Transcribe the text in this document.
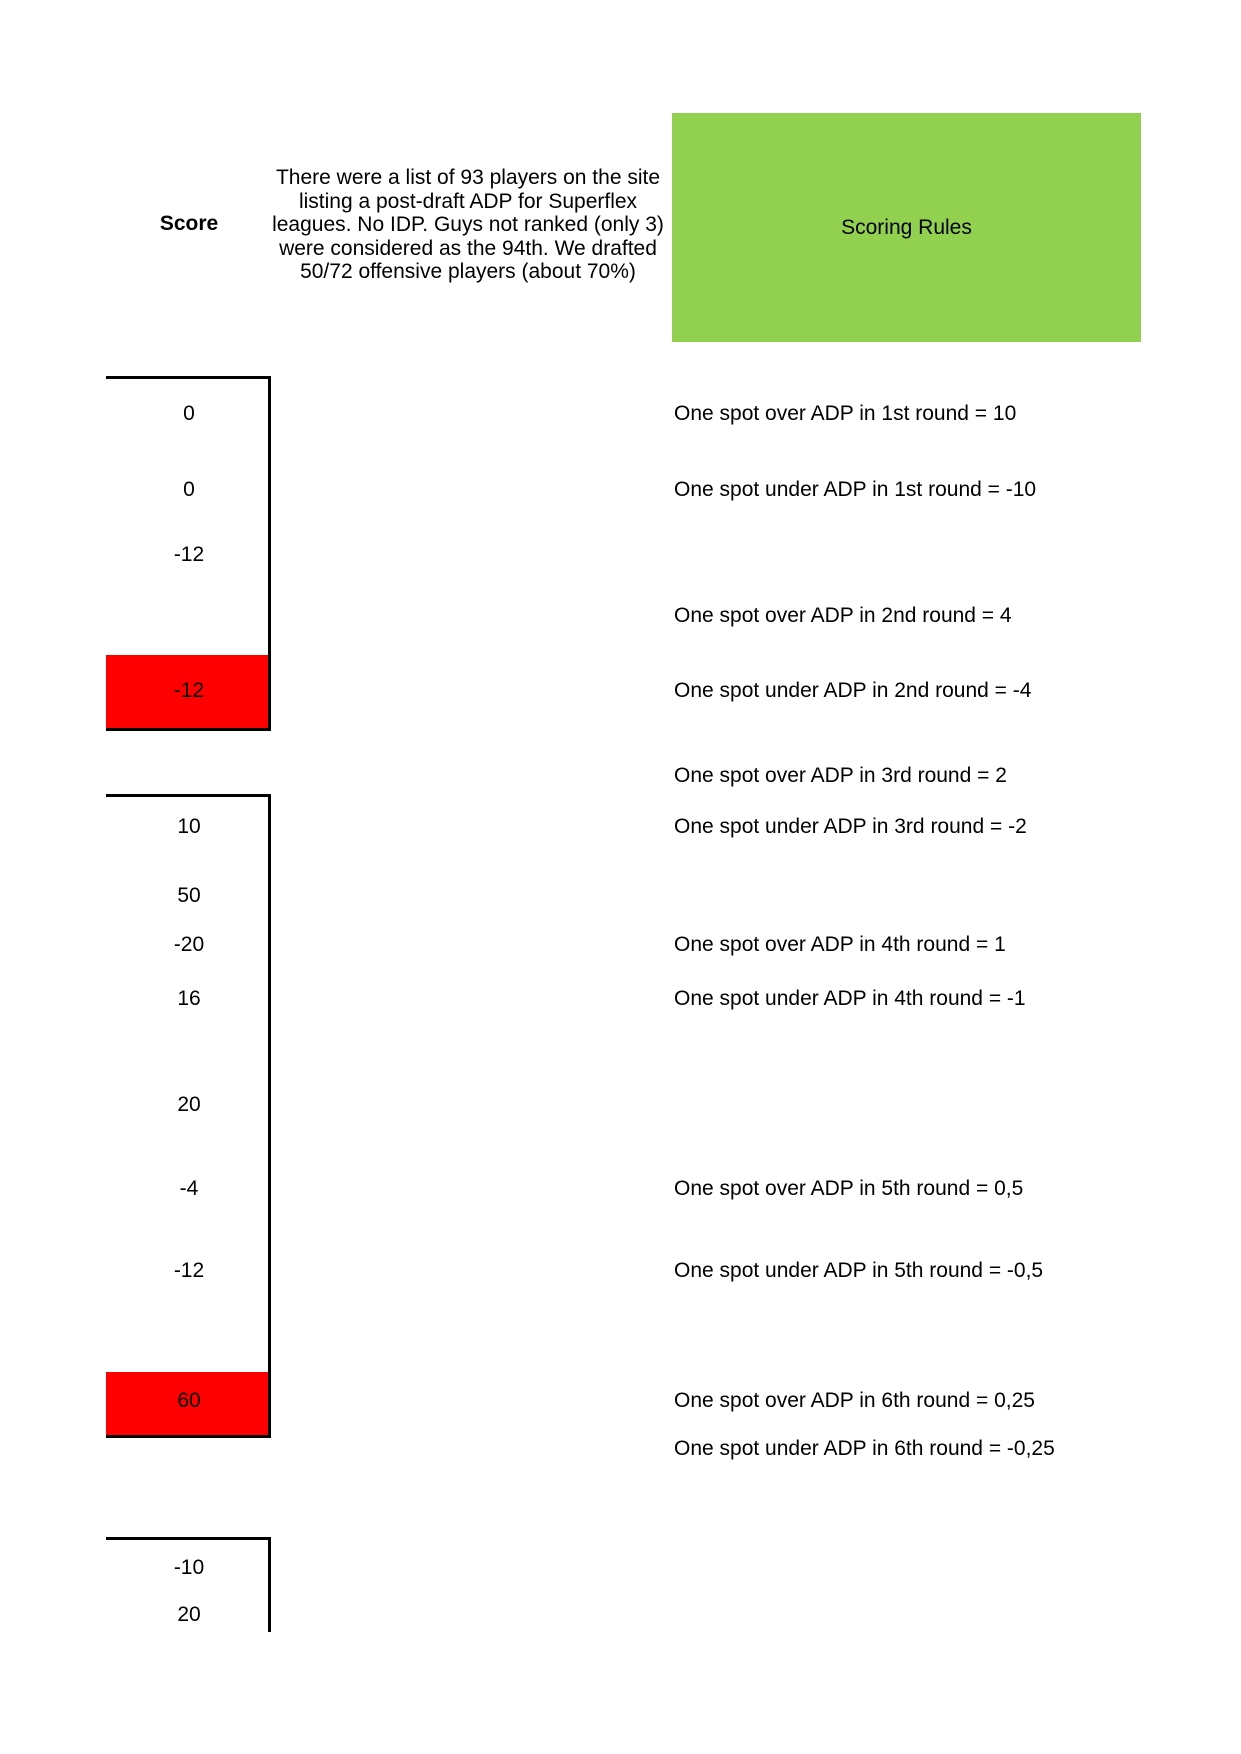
Score
There were a list of 93 players on the site listing a post-draft ADP for Superflex leagues. No IDP. Guys not ranked (only 3) were considered as the 94th. We drafted 50/72 offensive players (about 70%)
Scoring Rules
0
0
-12
-12
10
50
-20
16
20
-4
-12
60
-10
20
One spot over ADP in 1st round = 10
One spot under ADP in 1st round = -10
One spot over ADP in 2nd round = 4
One spot under ADP in 2nd round = -4
One spot over ADP in 3rd round = 2
One spot under ADP in 3rd round = -2
One spot over ADP in 4th round = 1
One spot under ADP in 4th round = -1
One spot over ADP in 5th round = 0,5
One spot under ADP in 5th round = -0,5
One spot over ADP in 6th round = 0,25
One spot under ADP in 6th round = -0,25
